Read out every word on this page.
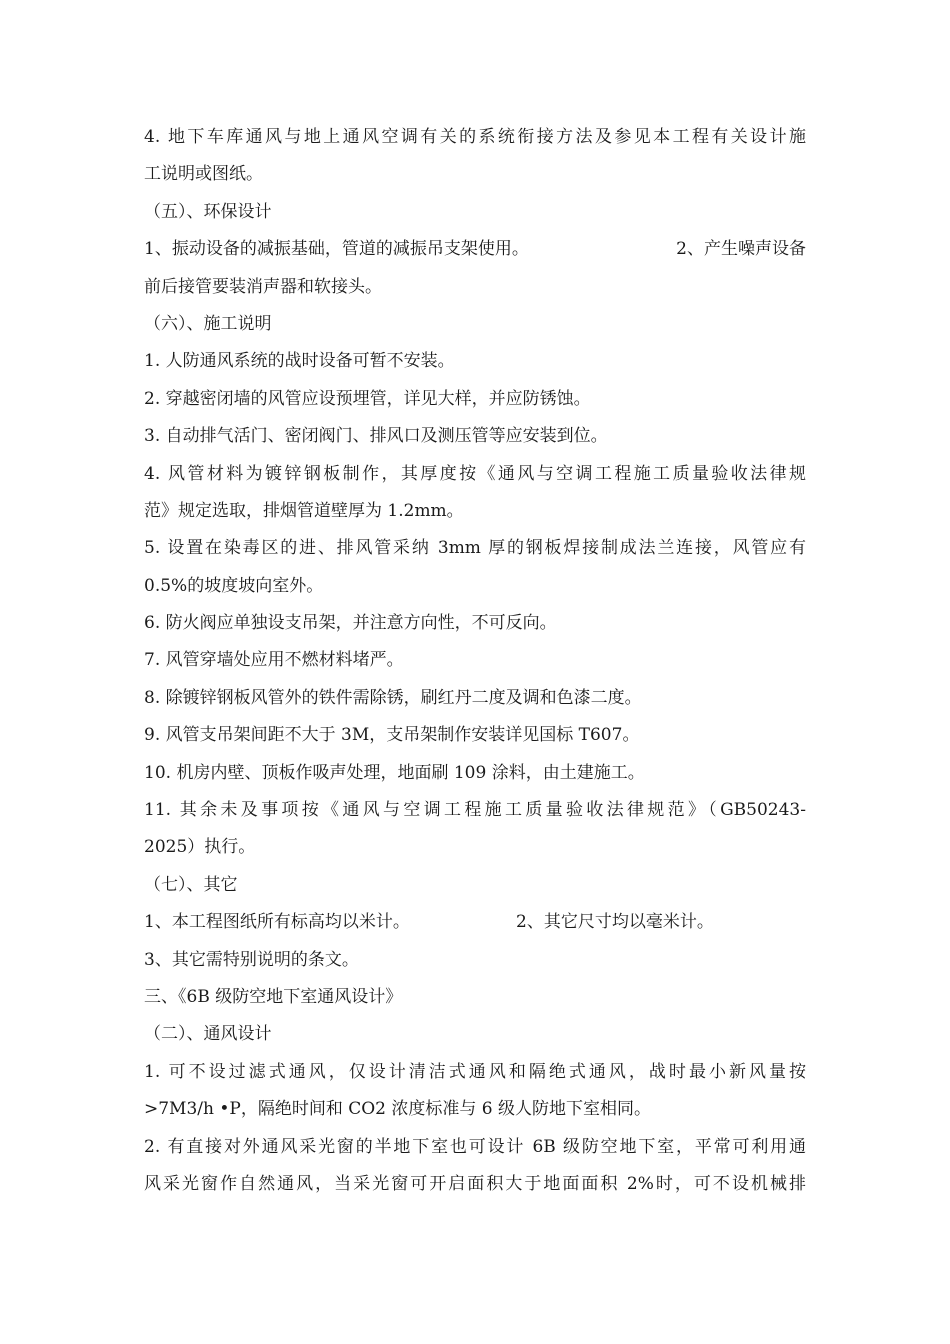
4. 地下车库通风与地上通风空调有关的系统衔接方法及参见本工程有关设计施
工说明或图纸。
（五）、环保设计
1、振动设备的减振基础，管道的减振吊支架使用。	2、产生噪声设备
前后接管要装消声器和软接头。
（六）、施工说明
1. 人防通风系统的战时设备可暂不安装。
2. 穿越密闭墙的风管应设预埋管，详见大样，并应防锈蚀。
3. 自动排气活门、密闭阀门、排风口及测压管等应安装到位。
4. 风管材料为镀锌钢板制作，其厚度按《通风与空调工程施工质量验收法律规
范》规定选取，排烟管道壁厚为 1.2mm。
5. 设置在染毒区的进、排风管采纳 3mm 厚的钢板焊接制成法兰连接，风管应有
0.5%的坡度坡向室外。
6. 防火阀应单独设支吊架，并注意方向性，不可反向。
7. 风管穿墙处应用不燃材料堵严。
8. 除镀锌钢板风管外的铁件需除锈，刷红丹二度及调和色漆二度。
9. 风管支吊架间距不大于 3M，支吊架制作安装详见国标 T607。
10. 机房内壁、顶板作吸声处理，地面刷 109 涂料，由土建施工。
11. 其余未及事项按《通风与空调工程施工质量验收法律规范》（GB50243-
2025）执行。
（七）、其它
1、本工程图纸所有标高均以米计。	2、其它尺寸均以毫米计。
3、其它需特别说明的条文。
三、《6B 级防空地下室通风设计》
（二）、通风设计
1. 可不设过滤式通风，仅设计清洁式通风和隔绝式通风，战时最小新风量按
>7M3/h •P，隔绝时间和 CO2 浓度标准与 6 级人防地下室相同。
2. 有直接对外通风采光窗的半地下室也可设计 6B 级防空地下室，平常可利用通
风采光窗作自然通风，当采光窗可开启面积大于地面面积 2%时，可不设机械排
